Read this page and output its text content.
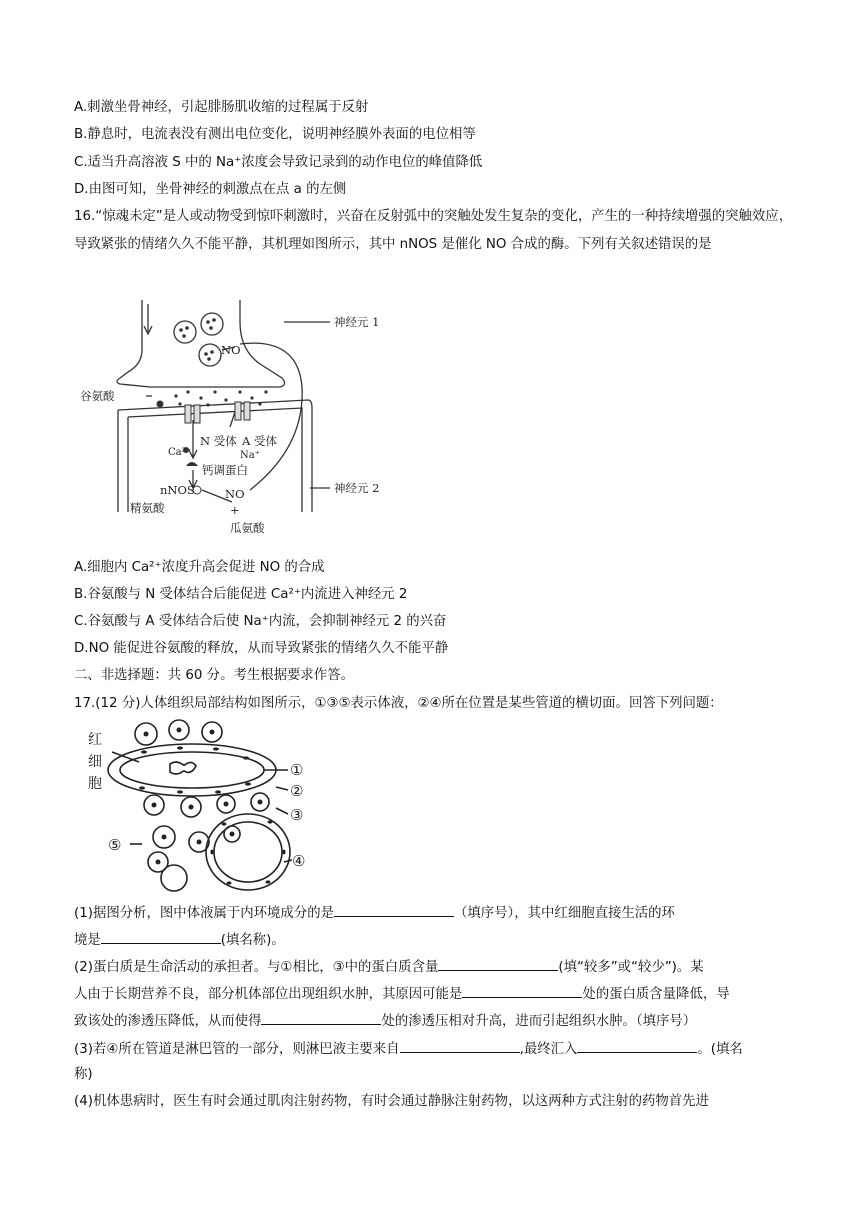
A.刺激坐骨神经，引起腓肠肌收缩的过程属于反射
B.静息时，电流表没有测出电位变化，说明神经膜外表面的电位相等
C.适当升高溶液 S 中的 Na⁺浓度会导致记录到的动作电位的峰值降低
D.由图可知，坐骨神经的刺激点在点 a 的左侧
16.“惊魂未定”是人或动物受到惊吓刺激时，兴奋在反射弧中的突触处发生复杂的变化，产生的一种持续增强的突触效应，导致紧张的情绪久久不能平静，其机理如图所示，其中 nNOS 是催化 NO 合成的酶。下列有关叙述错误的是
神经元 1
神经元 2
谷氨酸
NO
Ca²⁺
N 受体 A 受体
Na⁺
钙调蛋白
nNOS	NO
精氨酸	+
瓜氨酸
A.细胞内 Ca²⁺浓度升高会促进 NO 的合成
B.谷氨酸与 N 受体结合后能促进 Ca²⁺内流进入神经元 2
C.谷氨酸与 A 受体结合后使 Na⁺内流，会抑制神经元 2 的兴奋
D.NO 能促进谷氨酸的释放，从而导致紧张的情绪久久不能平静
二、非选择题：共 60 分。考生根据要求作答。
17.(12 分)人体组织局部结构如图所示，①③⑤表示体液，②④所在位置是某些管道的横切面。回答下列问题：
红
细
胞
①
②
③
④
⑤
(1)据图分析，图中体液属于内环境成分的是	（填序号），其中红细胞直接生活的环
境是	(填名称)。
(2)蛋白质是生命活动的承担者。与①相比，③中的蛋白质含量	(填“较多”或“较少”)。某
人由于长期营养不良，部分机体部位出现组织水肿，其原因可能是	处的蛋白质含量降低，导
致该处的渗透压降低，从而使得	处的渗透压相对升高，进而引起组织水肿。（填序号）
(3)若④所在管道是淋巴管的一部分，则淋巴液主要来自	,最终汇入	。(填名
称)
(4)机体患病时，医生有时会通过肌肉注射药物，有时会通过静脉注射药物，以这两种方式注射的药物首先进
